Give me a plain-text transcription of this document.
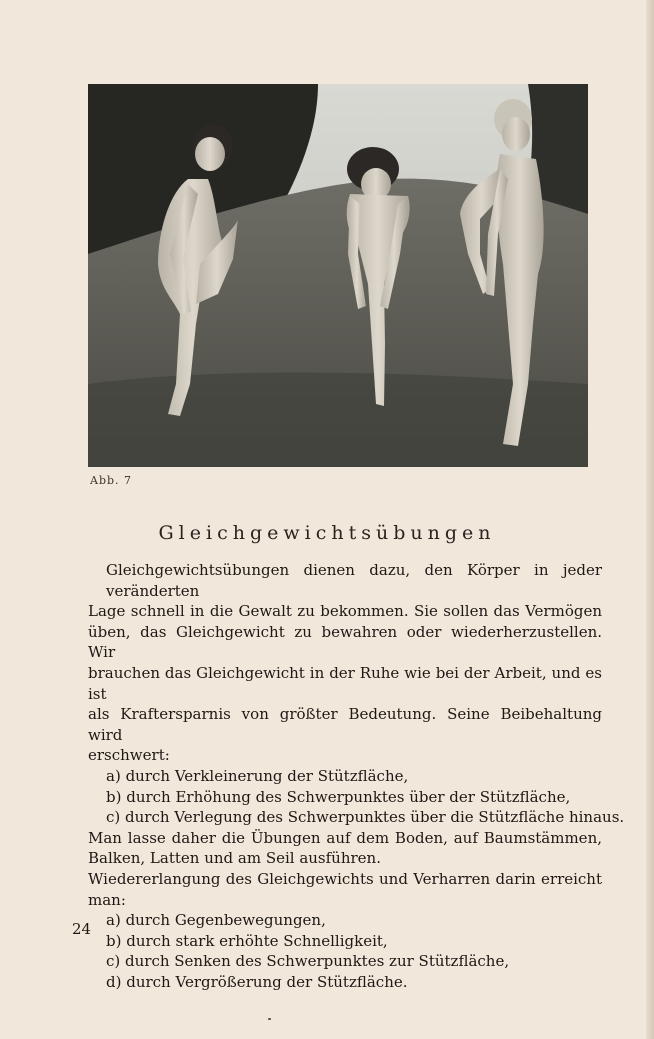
Abb. 7
Gleichgewichtsübungen
Gleichgewichtsübungen dienen dazu, den Körper in jeder veränderten
Lage schnell in die Gewalt zu bekommen. Sie sollen das Vermögen
üben, das Gleichgewicht zu bewahren oder wiederherzustellen. Wir
brauchen das Gleichgewicht in der Ruhe wie bei der Arbeit, und es ist
als Kraftersparnis von größter Bedeutung. Seine Beibehaltung wird
erschwert:
a) durch Verkleinerung der Stützfläche,
b) durch Erhöhung des Schwerpunktes über der Stützfläche,
c) durch Verlegung des Schwerpunktes über die Stützfläche hinaus.
Man lasse daher die Übungen auf dem Boden, auf Baumstämmen,
Balken, Latten und am Seil ausführen.
Wiedererlangung des Gleichgewichts und Verharren darin erreicht
man:
a) durch Gegenbewegungen,
b) durch stark erhöhte Schnelligkeit,
c) durch Senken des Schwerpunktes zur Stützfläche,
d) durch Vergrößerung der Stützfläche.
24
